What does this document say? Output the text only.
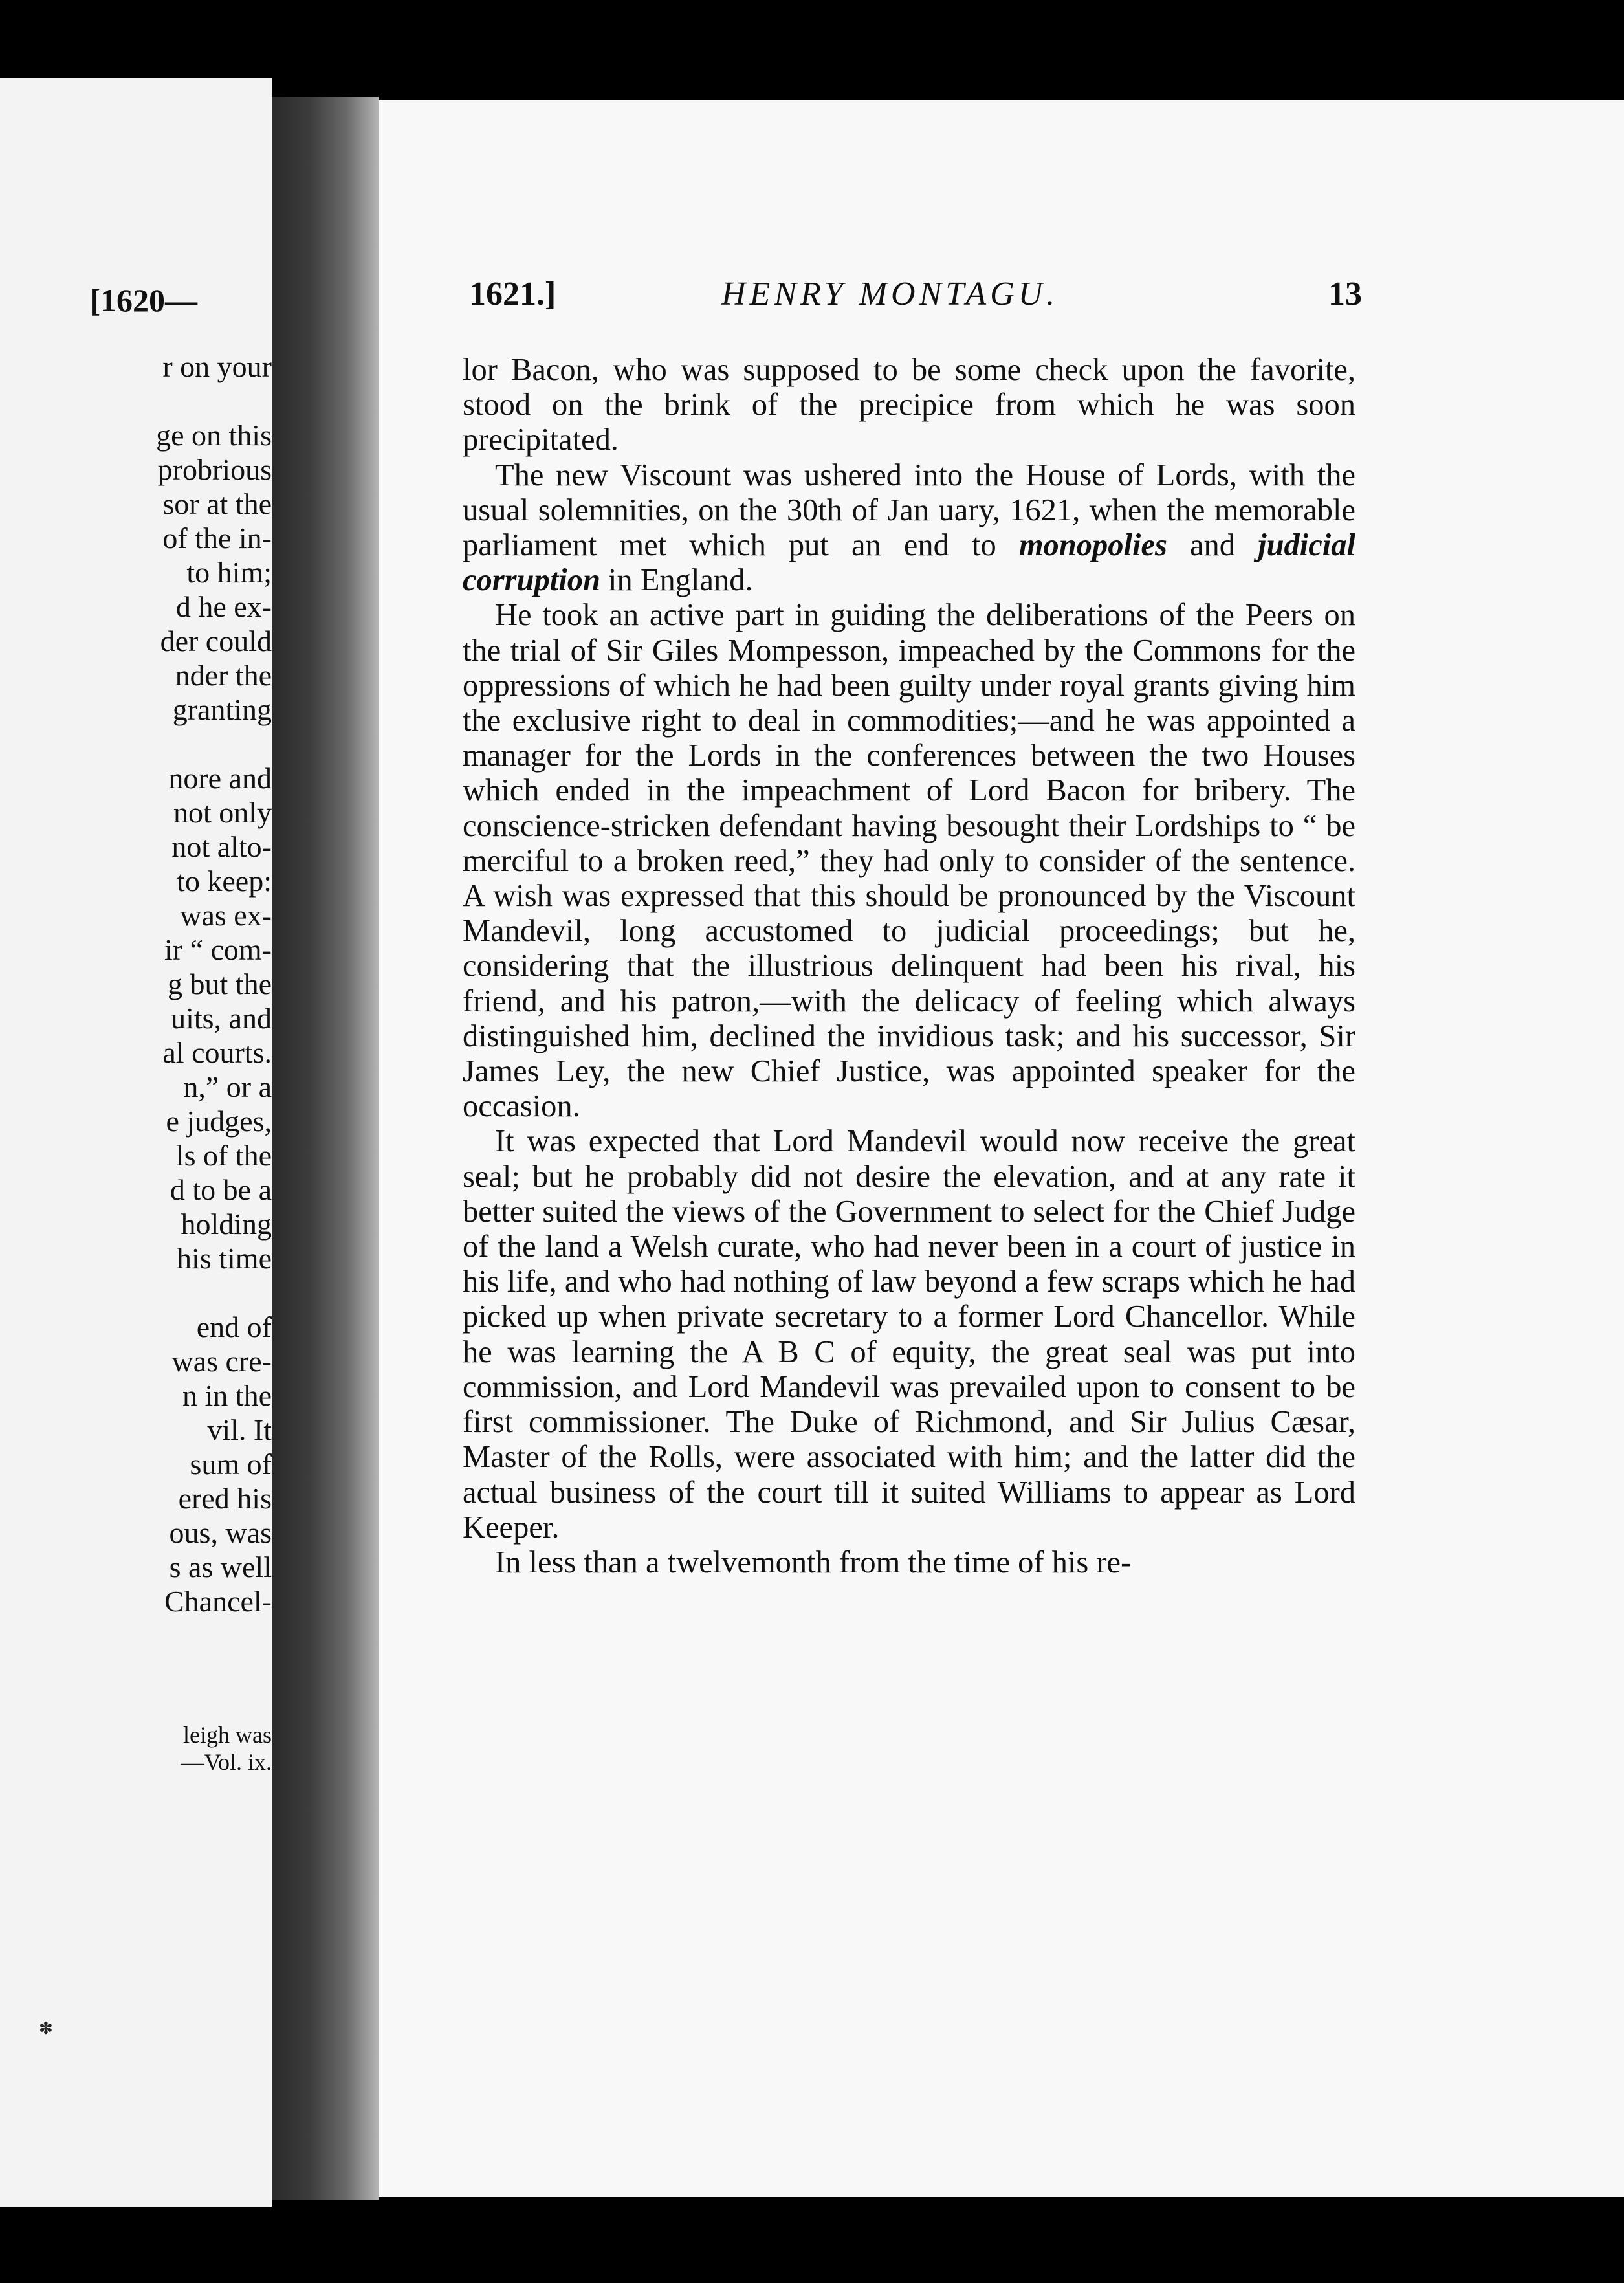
[1620—
r on your
ge on this
probrious
sor at the
of the in-
to him;
d he ex-
der could
nder the
granting
nore and
not only
not alto-
to keep:
was ex-
ir “ com-
g but the
uits, and
al courts.
n,” or a
e judges,
ls of the
d to be a
holding
his time
end of
was cre-
n in the
vil. It
sum of
ered his
ous, was
s as well
Chancel-
leigh was
—Vol. ix.
✽
1621.]	HENRY MONTAGU.	13

lor Bacon, who was supposed to be some check upon the favorite, stood on the brink of the precipice from which he was soon precipitated.

The new Viscount was ushered into the House of Lords, with the usual solemnities, on the 30th of Jan uary, 1621, when the memorable parliament met which put an end to monopolies and judicial corruption in England.

He took an active part in guiding the deliberations of the Peers on the trial of Sir Giles Mompesson, impeached by the Commons for the oppressions of which he had been guilty under royal grants giving him the exclusive right to deal in commodities;—and he was appointed a manager for the Lords in the conferences between the two Houses which ended in the impeachment of Lord Bacon for bribery. The conscience-stricken defendant having besought their Lordships to “ be merciful to a broken reed,” they had only to consider of the sentence. A wish was expressed that this should be pronounced by the Viscount Mandevil, long accustomed to judicial proceedings; but he, considering that the illustrious delinquent had been his rival, his friend, and his patron,—with the delicacy of feeling which always distinguished him, declined the invidious task; and his successor, Sir James Ley, the new Chief Justice, was appointed speaker for the occasion.

It was expected that Lord Mandevil would now receive the great seal; but he probably did not desire the elevation, and at any rate it better suited the views of the Government to select for the Chief Judge of the land a Welsh curate, who had never been in a court of justice in his life, and who had nothing of law beyond a few scraps which he had picked up when private secretary to a former Lord Chancellor. While he was learning the A B C of equity, the great seal was put into commission, and Lord Mandevil was prevailed upon to consent to be first commissioner. The Duke of Richmond, and Sir Julius Cæsar, Master of the Rolls, were associated with him; and the latter did the actual business of the court till it suited Williams to appear as Lord Keeper.

In less than a twelvemonth from the time of his re-
